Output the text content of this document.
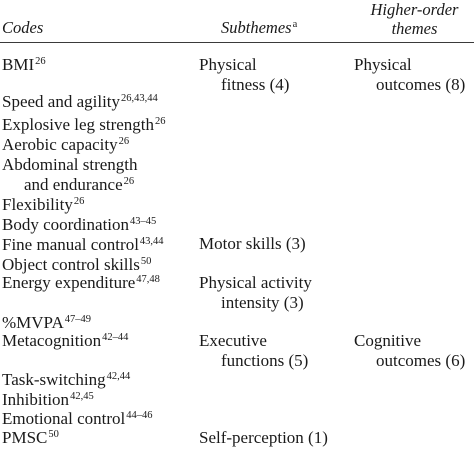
Codes	Subthemes$^a$
Higher-order
themes
BMI$^{26}$
Speed and agility$^{26,43,44}$
Explosive leg strength$^{26}$
Aerobic capacity$^{26}$
Abdominal strength
and endurance$^{26}$
Flexibility$^{26}$
Body coordination$^{43-45}$
Fine manual control$^{43,44}$
Object control skills$^{50}$
Energy expenditure$^{47,48}$
%MVPA$^{47-49}$
Metacognition$^{42-44}$
Task-switching$^{42,44}$
Inhibition$^{42,45}$
Emotional control$^{44-46}$
PMSC$^{50}$
Physical
fitness (4)
Motor skills (3)
Physical activity
intensity (3)
Executive
functions (5)
Self-perception (1)
Physical
outcomes (8)
Cognitive
outcomes (6)
